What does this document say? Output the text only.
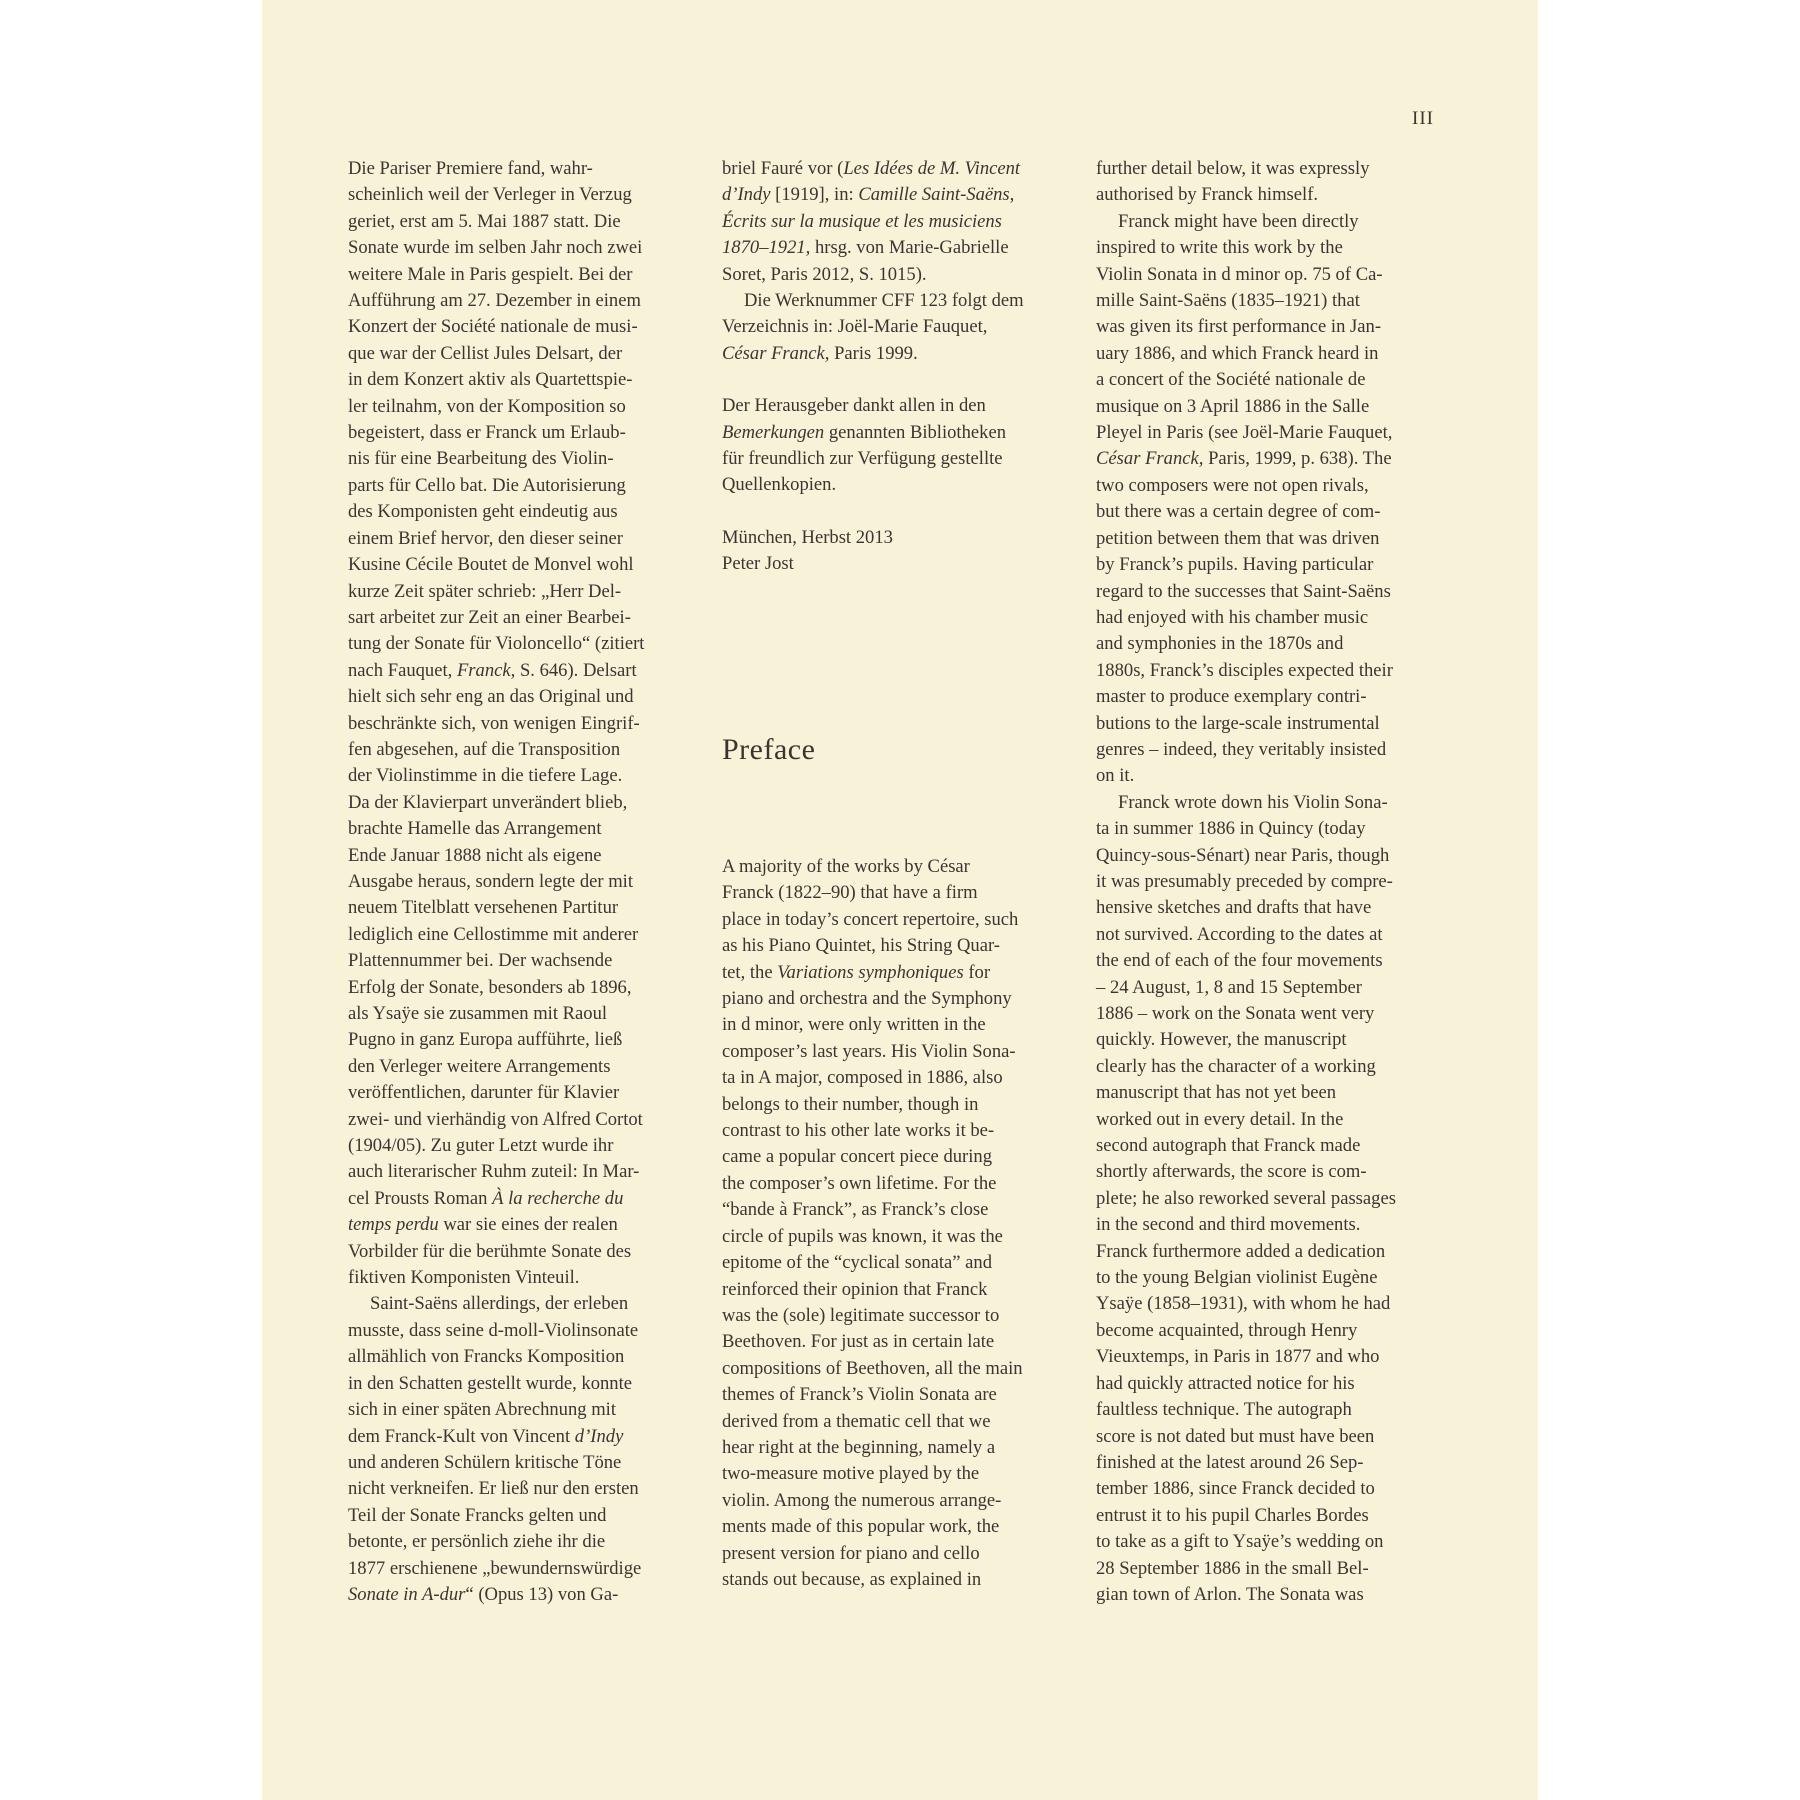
III

Die Pariser Premiere fand, wahr-
scheinlich weil der Verleger in Verzug
geriet, erst am 5. Mai 1887 statt. Die
Sonate wurde im selben Jahr noch zwei
weitere Male in Paris gespielt. Bei der
Aufführung am 27. Dezember in einem
Konzert der Société nationale de musi-
que war der Cellist Jules Delsart, der
in dem Konzert aktiv als Quartettspie-
ler teilnahm, von der Komposition so
begeistert, dass er Franck um Erlaub-
nis für eine Bearbeitung des Violin-
parts für Cello bat. Die Autorisierung
des Komponisten geht eindeutig aus
einem Brief hervor, den dieser seiner
Kusine Cécile Boutet de Monvel wohl
kurze Zeit später schrieb: „Herr Del-
sart arbeitet zur Zeit an einer Bearbei-
tung der Sonate für Violoncello“ (zitiert
nach Fauquet, Franck, S. 646). Delsart
hielt sich sehr eng an das Original und
beschränkte sich, von wenigen Eingrif-
fen abgesehen, auf die Transposition
der Violinstimme in die tiefere Lage.
Da der Klavierpart unverändert blieb,
brachte Hamelle das Arrangement
Ende Januar 1888 nicht als eigene
Ausgabe heraus, sondern legte der mit
neuem Titelblatt versehenen Partitur
lediglich eine Cellostimme mit anderer
Plattennummer bei. Der wachsende
Erfolg der Sonate, besonders ab 1896,
als Ysaÿe sie zusammen mit Raoul
Pugno in ganz Europa aufführte, ließ
den Verleger weitere Arrangements
veröffentlichen, darunter für Klavier
zwei- und vierhändig von Alfred Cortot
(1904/05). Zu guter Letzt wurde ihr
auch literarischer Ruhm zuteil: In Mar-
cel Prousts Roman À la recherche du
temps perdu war sie eines der realen
Vorbilder für die berühmte Sonate des
fiktiven Komponisten Vinteuil.

Saint-Saëns allerdings, der erleben
musste, dass seine d-moll-Violinsonate
allmählich von Francks Komposition
in den Schatten gestellt wurde, konnte
sich in einer späten Abrechnung mit
dem Franck-Kult von Vincent d’Indy
und anderen Schülern kritische Töne
nicht verkneifen. Er ließ nur den ersten
Teil der Sonate Francks gelten und
betonte, er persönlich ziehe ihr die
1877 erschienene „bewundernswürdige
Sonate in A-dur“ (Opus 13) von Ga-

briel Fauré vor (Les Idées de M. Vincent
d’Indy [1919], in: Camille Saint-Saëns,
Écrits sur la musique et les musiciens
1870–1921, hrsg. von Marie-Gabrielle
Soret, Paris 2012, S. 1015).

Die Werknummer CFF 123 folgt dem
Verzeichnis in: Joël-Marie Fauquet,
César Franck, Paris 1999.

Der Herausgeber dankt allen in den
Bemerkungen genannten Bibliotheken
für freundlich zur Verfügung gestellte
Quellenkopien.

München, Herbst 2013
Peter Jost

Preface

A majority of the works by César
Franck (1822–90) that have a firm
place in today’s concert repertoire, such
as his Piano Quintet, his String Quar-
tet, the Variations symphoniques for
piano and orchestra and the Symphony
in d minor, were only written in the
composer’s last years. His Violin Sona-
ta in A major, composed in 1886, also
belongs to their number, though in
contrast to his other late works it be-
came a popular concert piece during
the composer’s own lifetime. For the
“bande à Franck”, as Franck’s close
circle of pupils was known, it was the
epitome of the “cyclical sonata” and
reinforced their opinion that Franck
was the (sole) legitimate successor to
Beethoven. For just as in certain late
compositions of Beethoven, all the main
themes of Franck’s Violin Sonata are
derived from a thematic cell that we
hear right at the beginning, namely a
two-measure motive played by the
violin. Among the numerous arrange-
ments made of this popular work, the
present version for piano and cello
stands out because, as explained in

further detail below, it was expressly
authorised by Franck himself.

Franck might have been directly
inspired to write this work by the
Violin Sonata in d minor op. 75 of Ca-
mille Saint-Saëns (1835–1921) that
was given its first performance in Jan-
uary 1886, and which Franck heard in
a concert of the Société nationale de
musique on 3 April 1886 in the Salle
Pleyel in Paris (see Joël-Marie Fauquet,
César Franck, Paris, 1999, p. 638). The
two composers were not open rivals,
but there was a certain degree of com-
petition between them that was driven
by Franck’s pupils. Having particular
regard to the successes that Saint-Saëns
had enjoyed with his chamber music
and symphonies in the 1870s and
1880s, Franck’s disciples expected their
master to produce exemplary contri-
butions to the large-scale instrumental
genres – indeed, they veritably insisted
on it.

Franck wrote down his Violin Sona-
ta in summer 1886 in Quincy (today
Quincy-sous-Sénart) near Paris, though
it was presumably preceded by compre-
hensive sketches and drafts that have
not survived. According to the dates at
the end of each of the four movements
– 24 August, 1, 8 and 15 September
1886 – work on the Sonata went very
quickly. However, the manuscript
clearly has the character of a working
manuscript that has not yet been
worked out in every detail. In the
second autograph that Franck made
shortly afterwards, the score is com-
plete; he also reworked several passages
in the second and third movements.
Franck furthermore added a dedication
to the young Belgian violinist Eugène
Ysaÿe (1858–1931), with whom he had
become acquainted, through Henry
Vieuxtemps, in Paris in 1877 and who
had quickly attracted notice for his
faultless technique. The autograph
score is not dated but must have been
finished at the latest around 26 Sep-
tember 1886, since Franck decided to
entrust it to his pupil Charles Bordes
to take as a gift to Ysaÿe’s wedding on
28 September 1886 in the small Bel-
gian town of Arlon. The Sonata was
